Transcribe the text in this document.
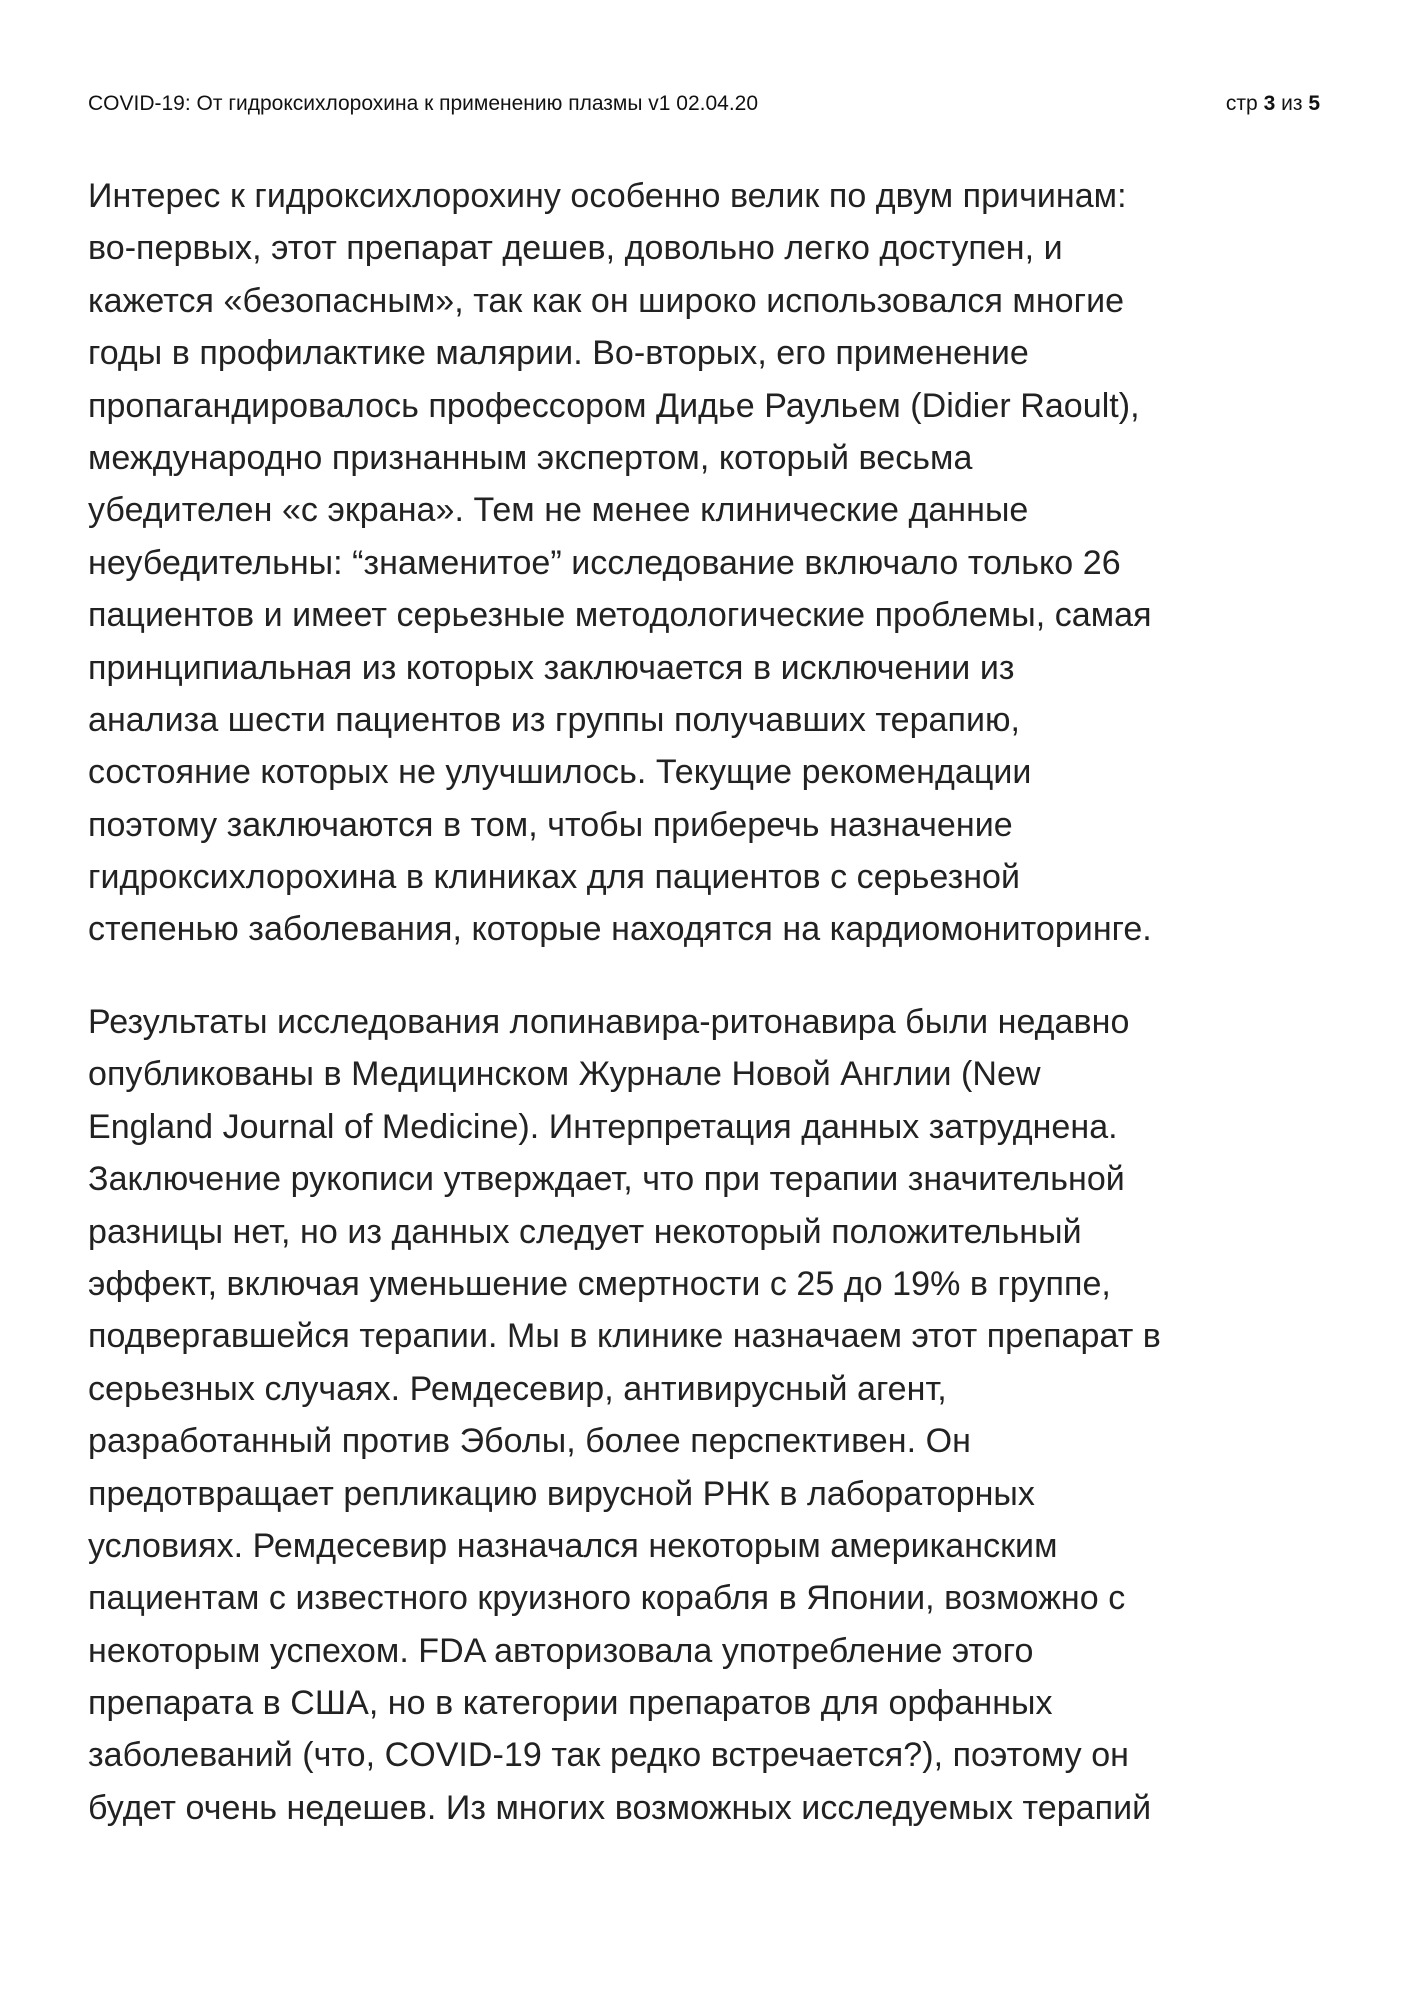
COVID-19: От гидроксихлорохина к применению плазмы v1 02.04.20	стр 3 из 5
Интерес к гидроксихлорохину особенно велик по двум причинам:
во-первых, этот препарат дешев, довольно легко доступен, и
кажется «безопасным», так как он широко использовался многие
годы в профилактике малярии. Во-вторых, его применение
пропагандировалось профессором Дидье Раульем (Didier Raoult),
международно признанным экспертом, который весьма
убедителен «с экрана». Тем не менее клинические данные
неубедительны: “знаменитое” исследование включало только 26
пациентов и имеет серьезные методологические проблемы, самая
принципиальная из которых заключается в исключении из
анализа шести пациентов из группы получавших терапию,
состояние которых не улучшилось. Текущие рекомендации
поэтому заключаются в том, чтобы приберечь назначение
гидроксихлорохина в клиниках для пациентов с серьезной
степенью заболевания, которые находятся на кардиомониторинге.
Результаты исследования лопинавира-ритонавира были недавно
опубликованы в Медицинском Журнале Новой Англии (New
England Journal of Medicine). Интерпретация данных затруднена.
Заключение рукописи утверждает, что при терапии значительной
разницы нет, но из данных следует некоторый положительный
эффект, включая уменьшение смертности с 25 до 19% в группе,
подвергавшейся терапии. Мы в клинике назначаем этот препарат в
серьезных случаях. Ремдесевир, антивирусный агент,
разработанный против Эболы, более перспективен. Он
предотвращает репликацию вирусной РНК в лабораторных
условиях. Ремдесевир назначался некоторым американским
пациентам с известного круизного корабля в Японии, возможно с
некоторым успехом. FDA авторизовала употребление этого
препарата в США, но в категории препаратов для орфанных
заболеваний (что, COVID-19 так редко встречается?), поэтому он
будет очень недешев. Из многих возможных исследуемых терапий
